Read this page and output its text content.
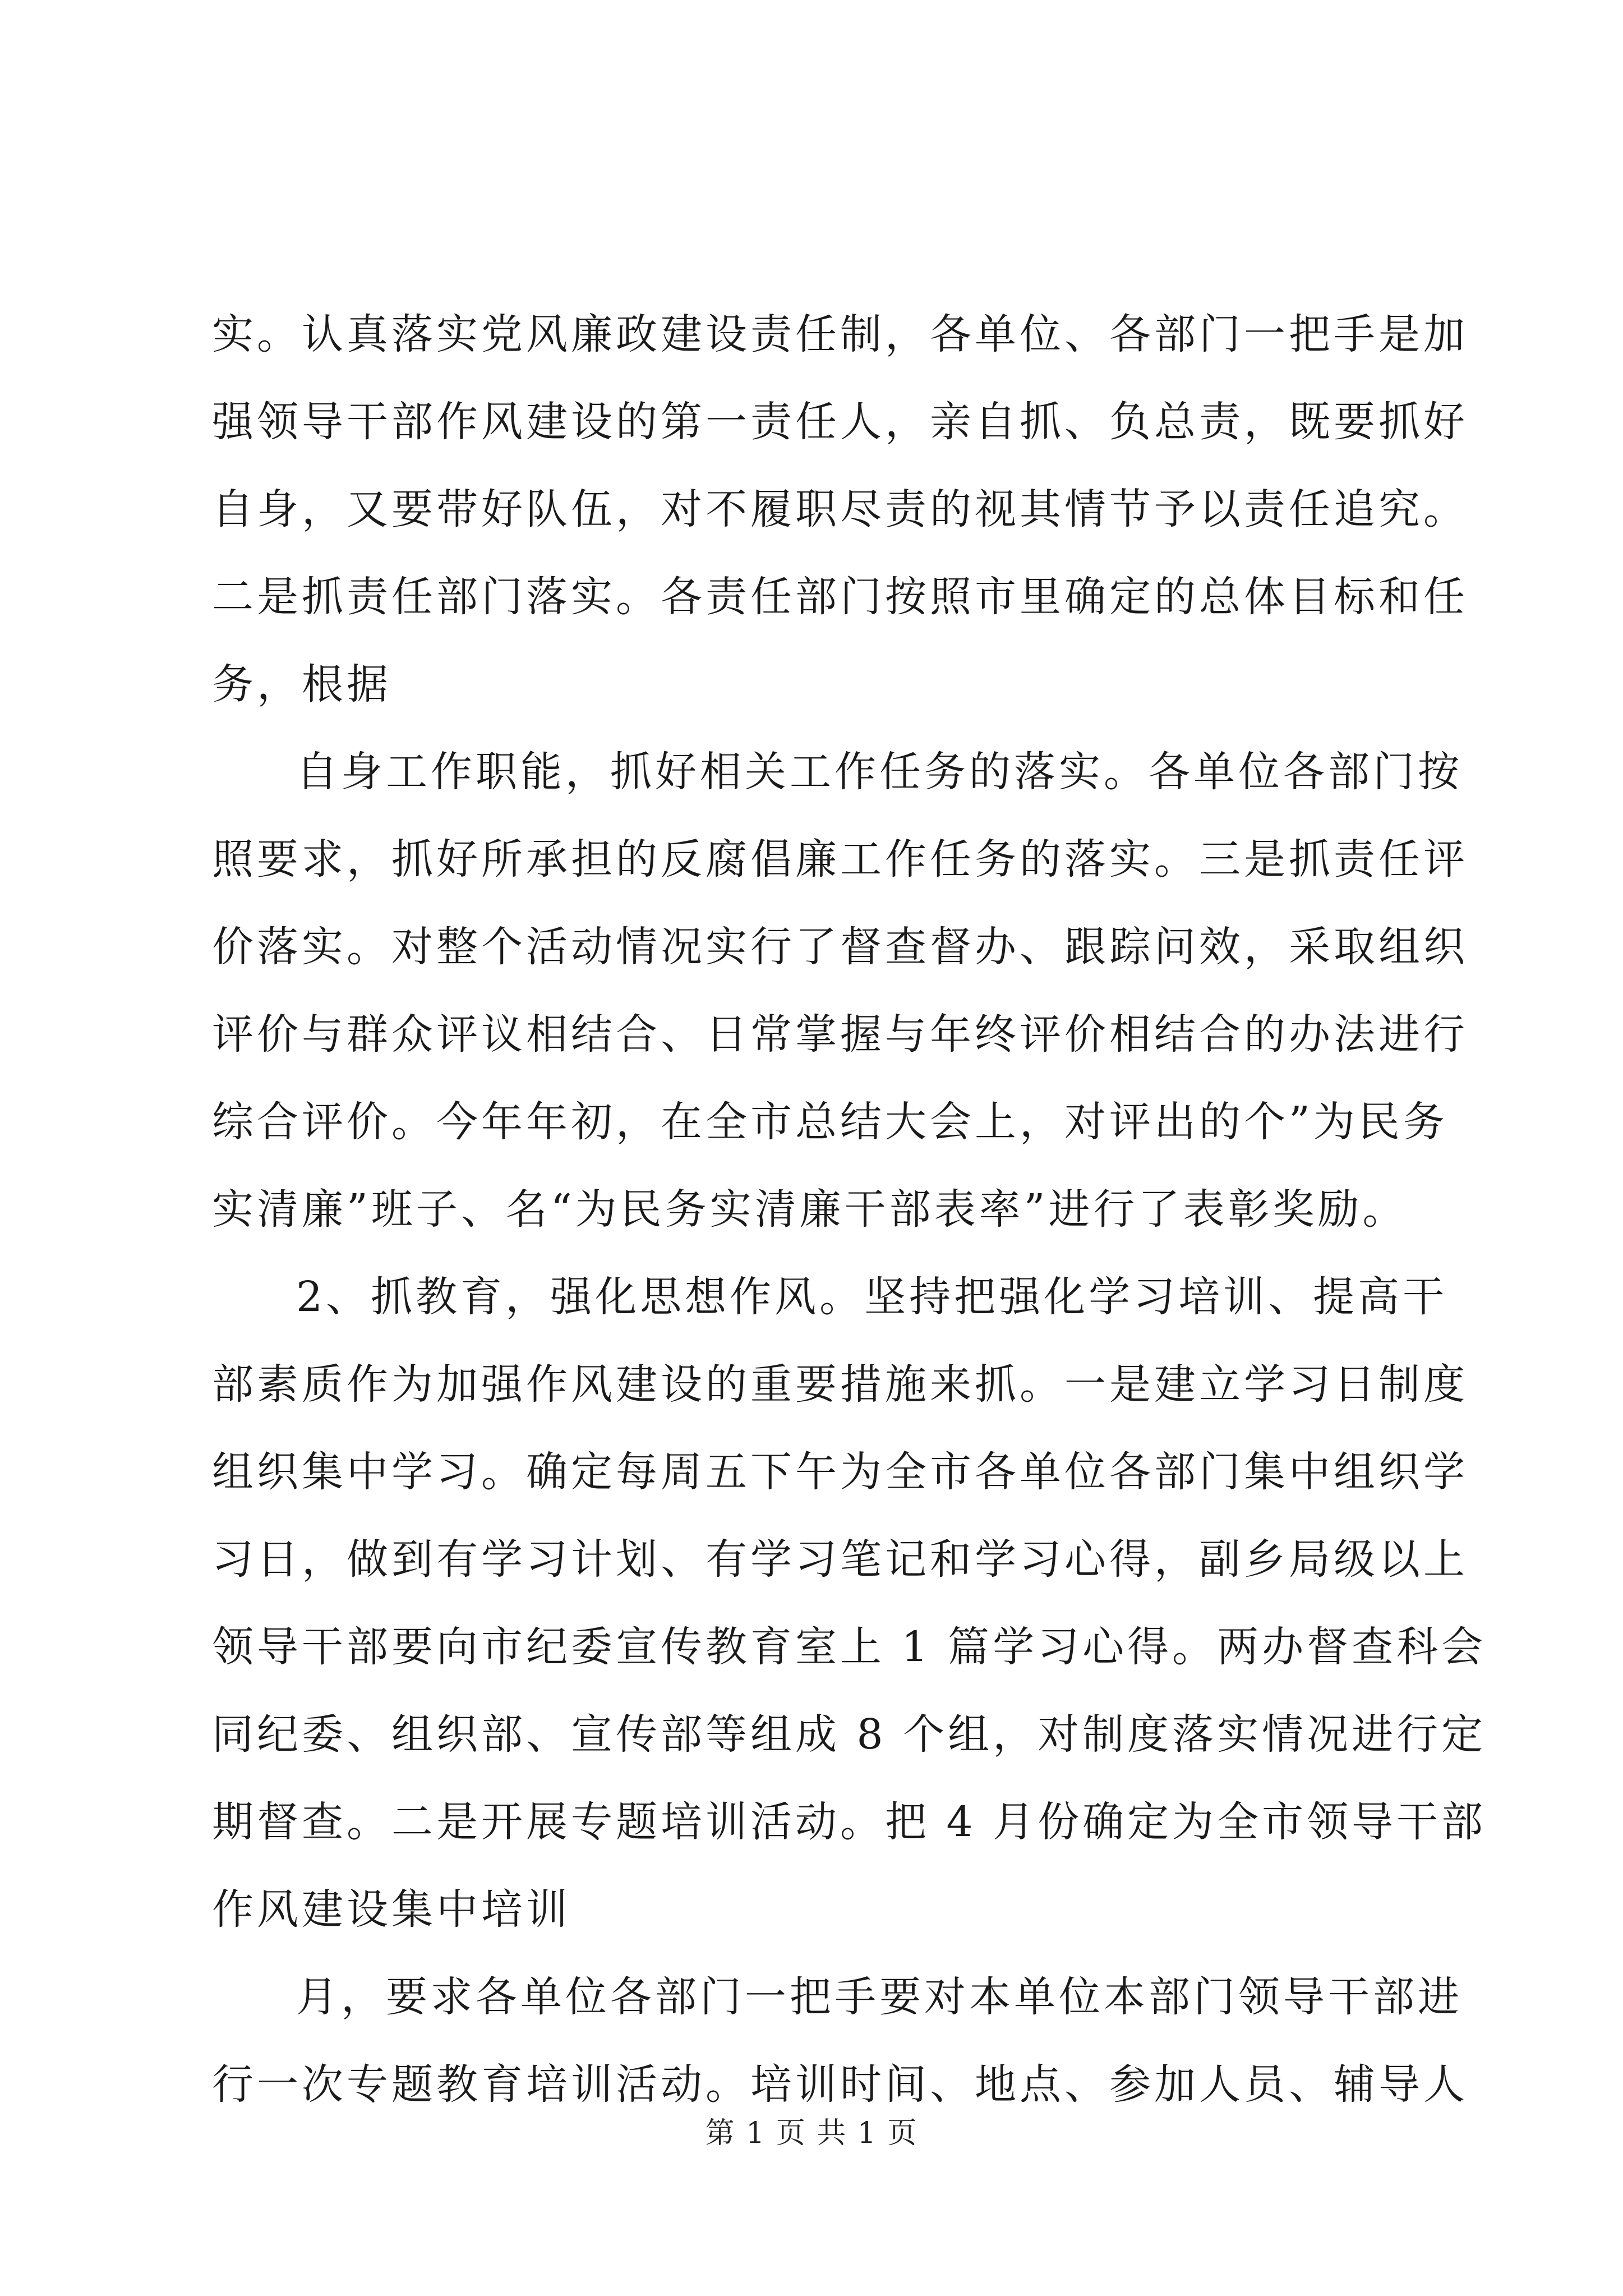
实。认真落实党风廉政建设责任制，各单位、各部门一把手是加
强领导干部作风建设的第一责任人，亲自抓、负总责，既要抓好
自身，又要带好队伍，对不履职尽责的视其情节予以责任追究。
二是抓责任部门落实。各责任部门按照市里确定的总体目标和任
务，根据
自身工作职能，抓好相关工作任务的落实。各单位各部门按
照要求，抓好所承担的反腐倡廉工作任务的落实。三是抓责任评
价落实。对整个活动情况实行了督查督办、跟踪问效，采取组织
评价与群众评议相结合、日常掌握与年终评价相结合的办法进行
综合评价。今年年初，在全市总结大会上，对评出的个”为民务
实清廉”班子、名“为民务实清廉干部表率”进行了表彰奖励。
2、抓教育，强化思想作风。坚持把强化学习培训、提高干
部素质作为加强作风建设的重要措施来抓。一是建立学习日制度
组织集中学习。确定每周五下午为全市各单位各部门集中组织学
习日，做到有学习计划、有学习笔记和学习心得，副乡局级以上
领导干部要向市纪委宣传教育室上 1 篇学习心得。两办督查科会
同纪委、组织部、宣传部等组成 8 个组，对制度落实情况进行定
期督查。二是开展专题培训活动。把 4 月份确定为全市领导干部
作风建设集中培训
月，要求各单位各部门一把手要对本单位本部门领导干部进
行一次专题教育培训活动。培训时间、地点、参加人员、辅导人
第 1 页 共 1 页
